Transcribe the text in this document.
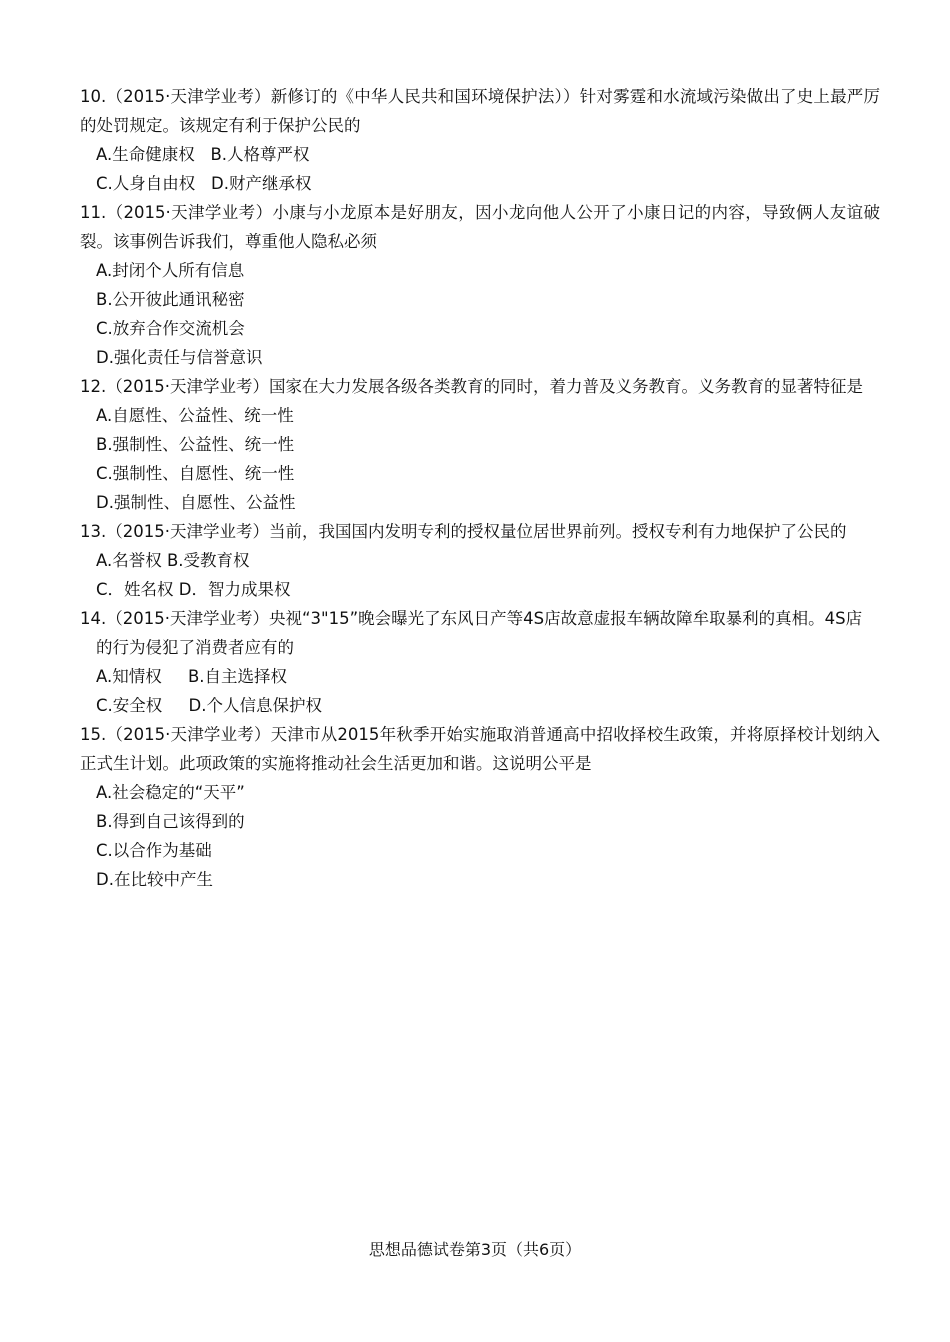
10.（2015·天津学业考）新修订的《中华人民共和国环境保护法））针对雾霆和水流域污染做出了史上最严厉的处罚规定。该规定有利于保护公民的

A.生命健康权   B.人格尊严权

C.人身自由权   D.财产继承权

11.（2015·天津学业考）小康与小龙原本是好朋友，因小龙向他人公开了小康日记的内容，导致俩人友谊破裂。该事例告诉我们，尊重他人隐私必须

A.封闭个人所有信息

B.公开彼此通讯秘密

C.放弃合作交流机会

D.强化责任与信誉意识

12.（2015·天津学业考）国家在大力发展各级各类教育的同时，着力普及义务教育。义务教育的显著特征是

A.自愿性、公益性、统一性

B.强制性、公益性、统一性

C.强制性、自愿性、统一性

D.强制性、自愿性、公益性

13.（2015·天津学业考）当前，我国国内发明专利的授权量位居世界前列。授权专利有力地保护了公民的

A.名誉权 B.受教育权

C．姓名权 D．智力成果权

14.（2015·天津学业考）央视“3"15”晚会曝光了东风日产等4S店故意虚报车辆故障牟取暴利的真相。4S店

的行为侵犯了消费者应有的

A.知情权     B.自主选择权

C.安全权     D.个人信息保护权

15.（2015·天津学业考）天津市从2015年秋季开始实施取消普通高中招收择校生政策，并将原择校计划纳入正式生计划。此项政策的实施将推动社会生活更加和谐。这说明公平是

A.社会稳定的“天平”

B.得到自己该得到的

C.以合作为基础

D.在比较中产生

思想品德试卷第3页（共6页）
